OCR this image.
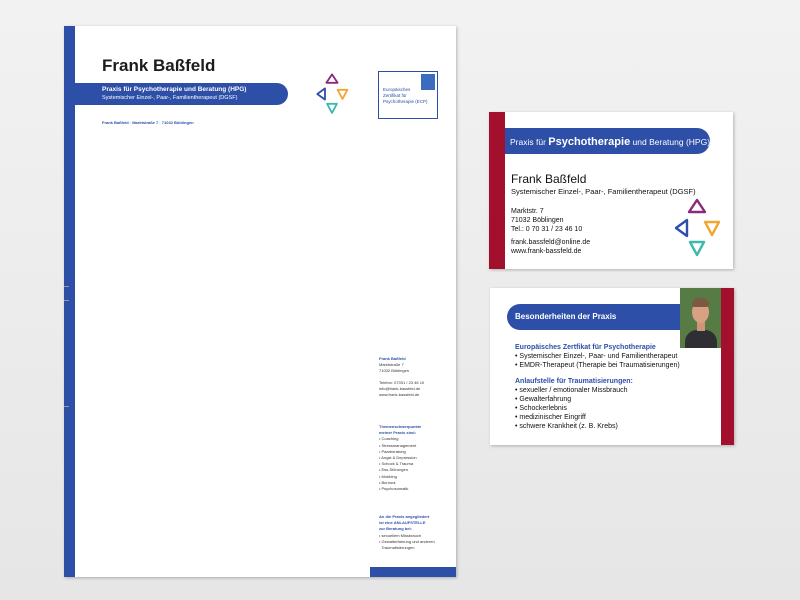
Frank Baßfeld
Praxis für Psychotherapie und Beratung (HPG)
Systemischer Einzel-, Paar-, Familientherapeut (DGSF)
Frank Baßfeld · Marktstraße 7 · 71032 Böblingen
Europäisches
Zertifikat für
Psychotherapie (ECP)
Frank Baßfeld
Marktstraße 7
71032 Böblingen
Telefon: 07031 / 23 46 10
info@frank-bassfeld.de
www.frank-bassfeld.de
Themenschwerpunkte
meiner Praxis sind:
• Coaching
• Stressmanagement
• Paarberatung
• Angst & Depression
• Schock & Trauma
• Ess-Störungen
• Mobbing
• Burnout
• Psychosomatik
An die Praxis angegliedert
ist eine ANLAUFSTELLE
zur Beratung bei:
• sexuellem Missbrauch
• Gewalterfahrung und anderen
Traumatisierungen
Praxis für Psychotherapie und Beratung (HPG)
Frank Baßfeld
Systemischer Einzel-, Paar-, Familientherapeut (DGSF)
Marktstr. 7
71032 Böblingen
Tel.: 0 70 31 / 23 46 10
frank.bassfeld@online.de
www.frank-bassfeld.de
Besonderheiten der Praxis
Europäisches Zertfikat für Psychotherapie
• Systemischer Einzel-, Paar- und Familientherapeut
• EMDR-Therapeut (Therapie bei Traumatisierungen)
Anlaufstelle für Traumatisierungen:
• sexueller / emotionaler Missbrauch
• Gewalterfahrung
• Schockerlebnis
• medizinischer Eingriff
• schwere Krankheit (z. B. Krebs)
